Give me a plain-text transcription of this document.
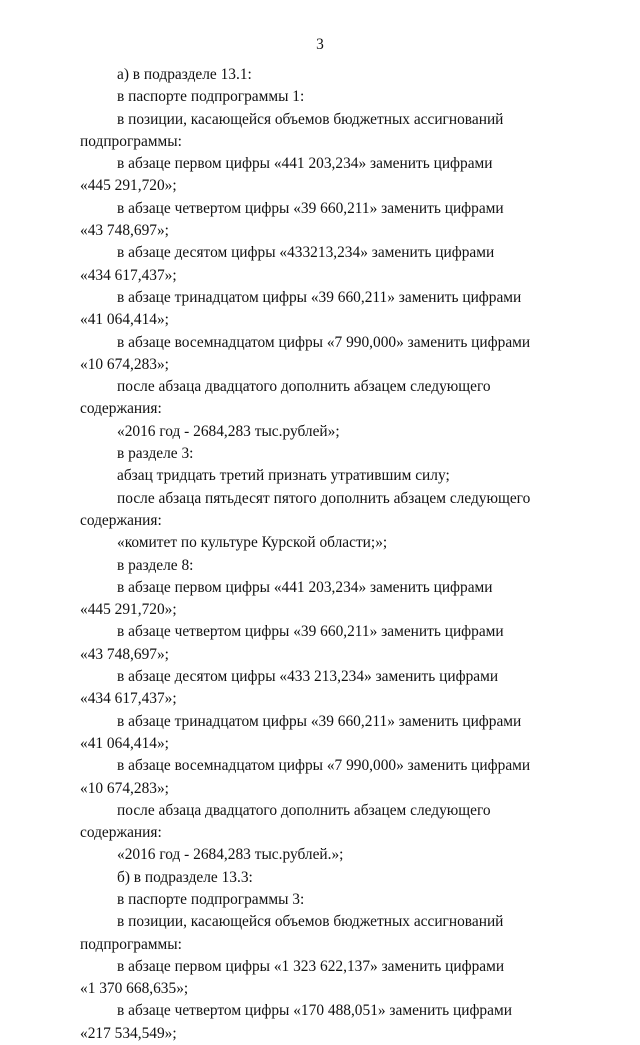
3
а) в подразделе 13.1:
в паспорте подпрограммы 1:
в позиции, касающейся объемов бюджетных ассигнований
подпрограммы:
в абзаце первом цифры «441 203,234» заменить цифрами
«445 291,720»;
в абзаце четвертом цифры «39 660,211» заменить цифрами
«43 748,697»;
в абзаце десятом цифры «433213,234» заменить цифрами
«434 617,437»;
в абзаце тринадцатом цифры «39 660,211» заменить цифрами
«41 064,414»;
в абзаце восемнадцатом цифры «7 990,000» заменить цифрами
«10 674,283»;
после абзаца двадцатого дополнить абзацем следующего
содержания:
«2016 год - 2684,283 тыс.рублей»;
в разделе 3:
абзац тридцать третий признать утратившим силу;
после абзаца пятьдесят пятого дополнить абзацем следующего
содержания:
«комитет по культуре Курской области;»;
в разделе 8:
в абзаце первом цифры «441 203,234» заменить цифрами
«445 291,720»;
в абзаце четвертом цифры «39 660,211» заменить цифрами
«43 748,697»;
в абзаце десятом цифры «433 213,234» заменить цифрами
«434 617,437»;
в абзаце тринадцатом цифры «39 660,211» заменить цифрами
«41 064,414»;
в абзаце восемнадцатом цифры «7 990,000» заменить цифрами
«10 674,283»;
после абзаца двадцатого дополнить абзацем следующего
содержания:
«2016 год - 2684,283 тыс.рублей.»;
б) в подразделе 13.3:
в паспорте подпрограммы 3:
в позиции, касающейся объемов бюджетных ассигнований
подпрограммы:
в абзаце первом цифры «1 323 622,137» заменить цифрами
«1 370 668,635»;
в абзаце четвертом цифры «170 488,051» заменить цифрами
«217 534,549»;
